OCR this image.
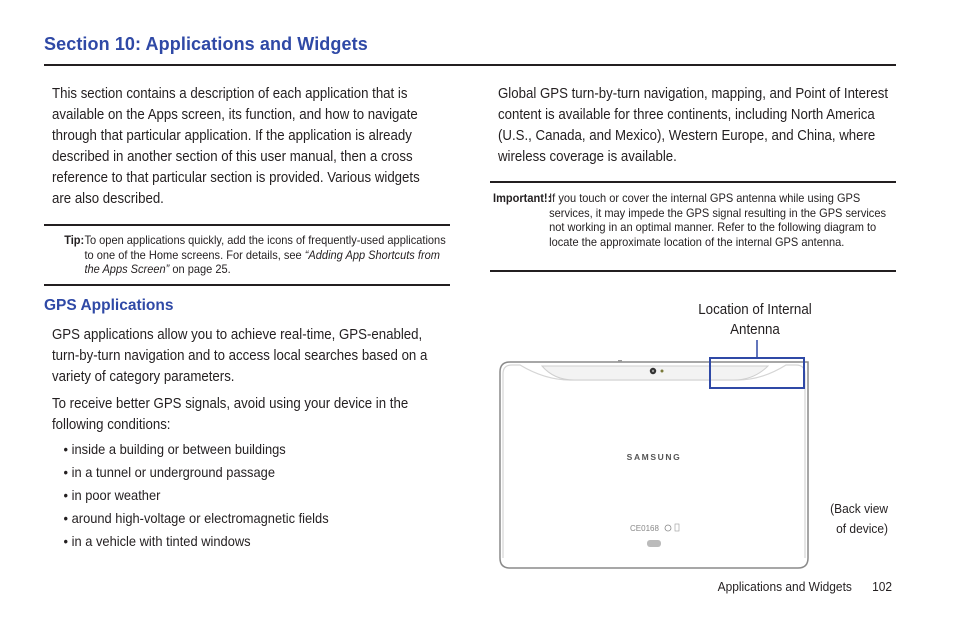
Section 10: Applications and Widgets
This section contains a description of each application that is available on the Apps screen, its function, and how to navigate through that particular application. If the application is already described in another section of this user manual, then a cross reference to that particular section is provided. Various widgets are also described.
Tip: To open applications quickly, add the icons of frequently-used applications to one of the Home screens. For details, see “Adding App Shortcuts from the Apps Screen” on page 25.
GPS Applications
GPS applications allow you to achieve real-time, GPS-enabled, turn-by-turn navigation and to access local searches based on a variety of category parameters.
To receive better GPS signals, avoid using your device in the following conditions:
• inside a building or between buildings
• in a tunnel or underground passage
• in poor weather
• around high-voltage or electromagnetic fields
• in a vehicle with tinted windows
Global GPS turn-by-turn navigation, mapping, and Point of Interest content is available for three continents, including North America (U.S., Canada, and Mexico), Western Europe, and China, where wireless coverage is available.
Important!:
If you touch or cover the internal GPS antenna while using GPS services, it may impede the GPS signal resulting in the GPS services not working in an optimal manner. Refer to the following diagram to locate the approximate location of the internal GPS antenna.
Location of Internal
Antenna
SAMSUNG
CE0168
(Back view
of device)
Applications and Widgets 102
